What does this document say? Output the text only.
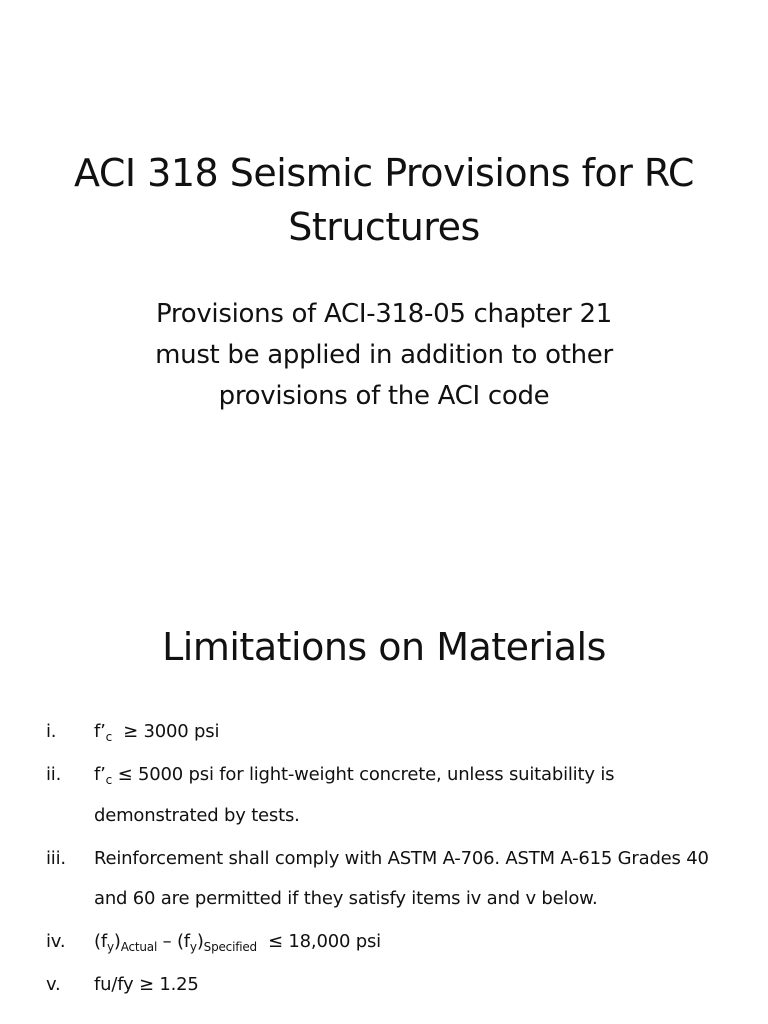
ACI 318 Seismic Provisions for RC
Structures
Provisions of ACI-318-05 chapter 21
must be applied in addition to other
provisions of the ACI code
Limitations on Materials
i. $f’_c \ge 3000$ psi
ii. $f’_c \le 5000$ psi for light-weight concrete, unless suitability is demonstrated by tests.
iii. Reinforcement shall comply with ASTM A-706. ASTM A-615 Grades 40 and 60 are permitted if they satisfy items iv and v below.
iv. $(f_y)_{Actual} - (f_y)_{Specified} \le 18,000$ psi
v. fu/fy ≥ 1.25
